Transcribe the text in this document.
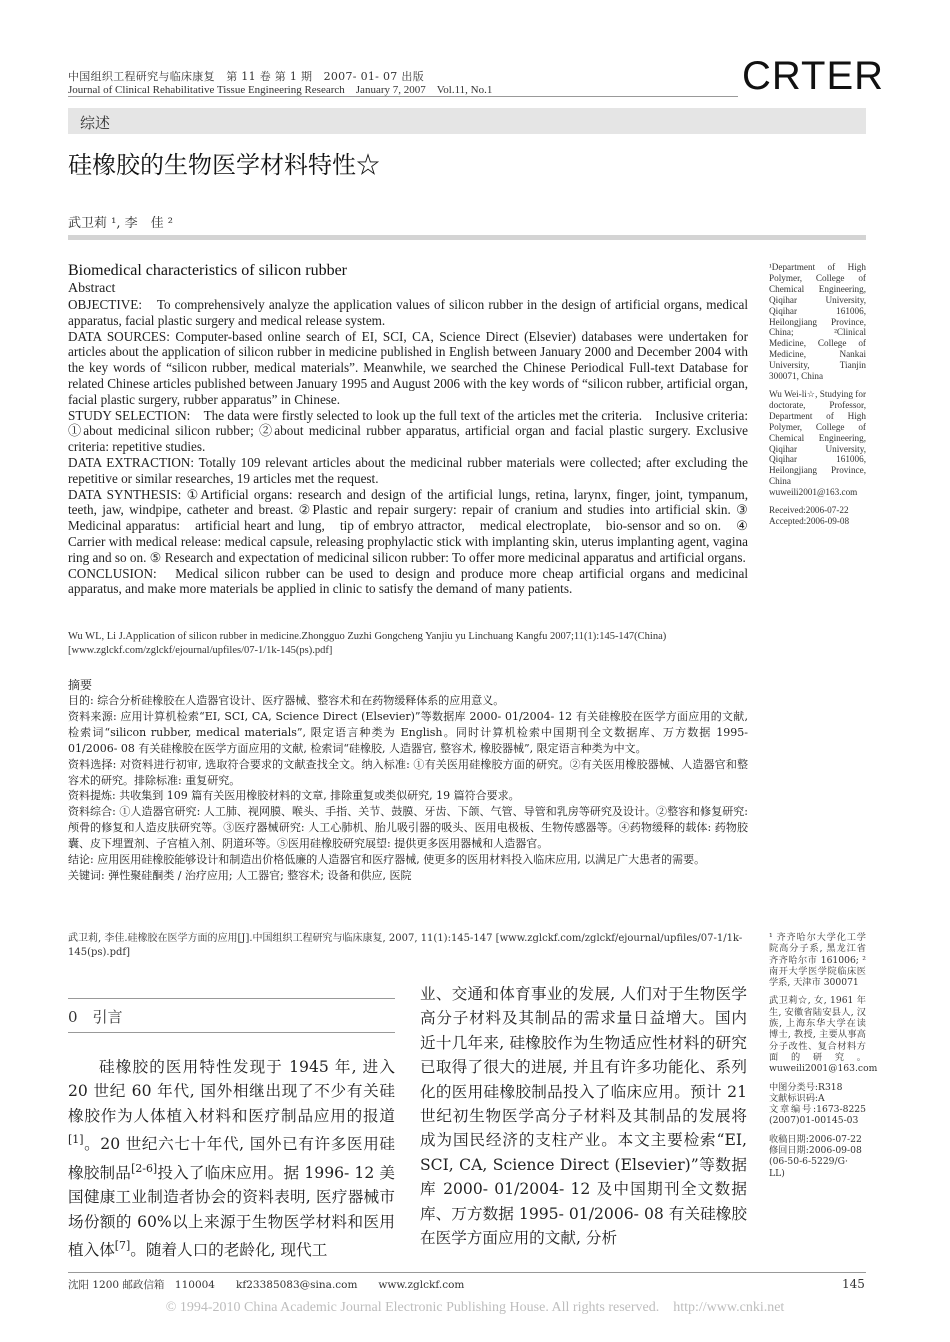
中国组织工程研究与临床康复　第 11 卷 第 1 期　2007- 01- 07 出版
Journal of Clinical Rehabilitative Tissue Engineering Research　January 7, 2007　Vol.11, No.1	CRTER
综述
硅橡胶的生物医学材料特性☆
武卫莉 ¹, 李　佳 ²
Biomedical characteristics of silicon rubber
Abstract

OBJECTIVE:　To comprehensively analyze the application values of silicon rubber in the design of artificial organs, medical apparatus, facial plastic surgery and medical release system.

DATA SOURCES: Computer-based online search of EI, SCI, CA, Science Direct (Elsevier) databases were undertaken for articles about the application of silicon rubber in medicine published in English between January 2000 and December 2004 with the key words of “silicon rubber, medical materials”. Meanwhile, we searched the Chinese Periodical Full-text Database for related Chinese articles published between January 1995 and August 2006 with the key words of “silicon rubber, artificial organ, facial plastic surgery, rubber apparatus” in Chinese.

STUDY SELECTION:　The data were firstly selected to look up the full text of the articles met the criteria.　Inclusive criteria: ①about medicinal silicon rubber; ②about medicinal rubber apparatus, artificial organ and facial plastic surgery. Exclusive criteria: repetitive studies.

DATA EXTRACTION: Totally 109 relevant articles about the medicinal rubber materials were collected; after excluding the repetitive or similar researches, 19 articles met the request.

DATA SYNTHESIS: ①Artificial organs: research and design of the artificial lungs, retina, larynx, finger, joint, tympanum, teeth, jaw, windpipe, catheter and breast. ②Plastic and repair surgery: repair of cranium and studies into artificial skin. ③ Medicinal apparatus:　artificial heart and lung,　tip of embryo attractor,　medical electroplate,　bio-sensor and so on.　④ Carrier with medical release: medical capsule, releasing prophylactic stick with implanting skin, uterus implanting agent, vagina ring and so on. ⑤ Research and expectation of medicinal silicon rubber: To offer more medicinal apparatus and artificial organs.

CONCLUSION:　Medical silicon rubber can be used to design and produce more cheap artificial organs and medicinal apparatus, and make more materials be applied in clinic to satisfy the demand of many patients.

Wu WL, Li J.Application of silicon rubber in medicine.Zhongguo Zuzhi Gongcheng Yanjiu yu Linchuang Kangfu 2007;11(1):145-147(China) [www.zglckf.com/zglckf/ejournal/upfiles/07-1/1k-145(ps).pdf]
摘要

目的: 综合分析硅橡胶在人造器官设计、医疗器械、整容术和在药物缓释体系的应用意义。

资料来源: 应用计算机检索“EI, SCI, CA, Science Direct (Elsevier)”等数据库 2000- 01/2004- 12 有关硅橡胶在医学方面应用的文献, 检索词“silicon rubber, medical materials”, 限定语言种类为 English。同时计算机检索中国期刊全文数据库、万方数据 1995- 01/2006- 08 有关硅橡胶在医学方面应用的文献, 检索词“硅橡胶, 人造器官, 整容术, 橡胶器械”, 限定语言种类为中文。

资料选择: 对资料进行初审, 选取符合要求的文献查找全文。纳入标准: ①有关医用硅橡胶方面的研究。②有关医用橡胶器械、人造器官和整容术的研究。排除标准: 重复研究。

资料提炼: 共收集到 109 篇有关医用橡胶材料的文章, 排除重复或类似研究, 19 篇符合要求。

资料综合: ①人造器官研究: 人工肺、视网膜、喉头、手指、关节、鼓膜、牙齿、下颌、气管、导管和乳房等研究及设计。②整容和修复研究: 颅骨的修复和人造皮肤研究等。③医疗器械研究: 人工心肺机、胎儿吸引器的吸头、医用电极板、生物传感器等。④药物缓释的载体: 药物胶囊、皮下埋置剂、子宫植入剂、阴道环等。⑤医用硅橡胶研究展望: 提供更多医用器械和人造器官。

结论: 应用医用硅橡胶能够设计和制造出价格低廉的人造器官和医疗器械, 使更多的医用材料投入临床应用, 以满足广大患者的需要。

关键词: 弹性聚硅酮类 / 治疗应用; 人工器官; 整容术; 设备和供应, 医院

武卫莉, 李佳.硅橡胶在医学方面的应用[J].中国组织工程研究与临床康复, 2007, 11(1):145-147 [www.zglckf.com/zglckf/ejournal/upfiles/07-1/1k-145(ps).pdf]

¹Department of High Polymer, College of Chemical Engineering, Qiqihar University, Qiqihar 161006, Heilongjiang Province, China; ²Clinical Medicine, College of Medicine, Nankai University, Tianjin 300071, China

Wu Wei-li☆, Studying for doctorate, Professor, Department of High Polymer, College of Chemical Engineering, Qiqihar University, Qiqihar 161006, Heilongjiang Province, China wuweili2001@163.com

Received:2006-07-22
Accepted:2006-09-08

¹ 齐齐哈尔大学化工学院高分子系, 黑龙江省齐齐哈尔市 161006; ² 南开大学医学院临床医学系, 天津市 300071

武卫莉☆, 女, 1961 年生, 安徽省陆安县人, 汉族, 上海东华大学在读博士, 教授, 主要从事高分子改性、复合材料方面的研究。wuweili2001@163.com

中图分类号:R318
文献标识码:A

文章编号:1673-8225 (2007)01-00145-03

收稿日期:2006-07-22
修回日期:2006-09-08
(06-50-6-5229/G· LL)
0　引言
硅橡胶的医用特性发现于 1945 年, 进入 20 世纪 60 年代, 国外相继出现了不少有关硅橡胶作为人体植入材料和医疗制品应用的报道[1]。20 世纪六七十年代, 国外已有许多医用硅橡胶制品[2-6]投入了临床应用。据 1996- 12 美国健康工业制造者协会的资料表明, 医疗器械市场份额的 60%以上来源于生物医学材料和医用植入体[7]。随着人口的老龄化, 现代工
业、交通和体育事业的发展, 人们对于生物医学高分子材料及其制品的需求量日益增大。国内近十几年来, 硅橡胶作为生物适应性材料的研究已取得了很大的进展, 并且有许多功能化、系列化的医用硅橡胶制品投入了临床应用。预计 21 世纪初生物医学高分子材料及其制品的发展将成为国民经济的支柱产业。本文主要检索“EI, SCI, CA, Science Direct (Elsevier)”等数据库 2000- 01/2004- 12 及中国期刊全文数据库、万方数据 1995- 01/2006- 08 有关硅橡胶在医学方面应用的文献, 分析
沈阳 1200 邮政信箱　110004　　kf23385083@sina.com　　www.zglckf.com	145
© 1994-2010 China Academic Journal Electronic Publishing House. All rights reserved.　http://www.cnki.net
